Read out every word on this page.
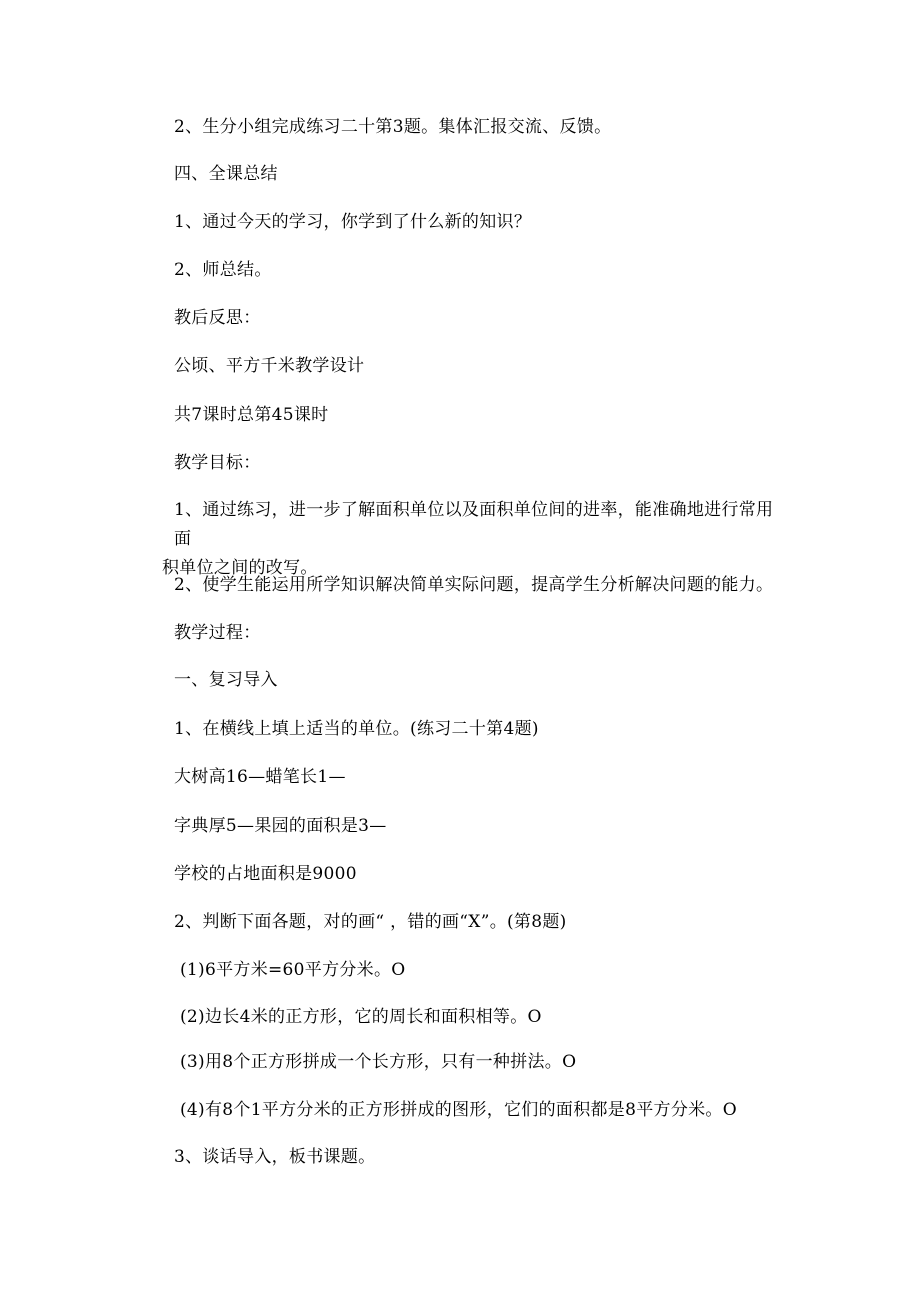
2、生分小组完成练习二十第3题。集体汇报交流、反馈。
四、全课总结
1、通过今天的学习，你学到了什么新的知识？
2、师总结。
教后反思：
公顷、平方千米教学设计
共7课时总第45课时
教学目标：
1、通过练习，进一步了解面积单位以及面积单位间的进率，能准确地进行常用面
积单位之间的改写。
2、使学生能运用所学知识解决简单实际问题，提高学生分析解决问题的能力。
教学过程：
一、复习导入
1、在横线上填上适当的单位。(练习二十第4题)
大树高16—蜡笔长1—
字典厚5—果园的面积是3—
学校的占地面积是9000
2、判断下面各题，对的画“ ，错的画“X”。(第8题)
(1)6平方米=60平方分米。O
(2)边长4米的正方形，它的周长和面积相等。O
(3)用8个正方形拼成一个长方形，只有一种拼法。O
(4)有8个1平方分米的正方形拼成的图形，它们的面积都是8平方分米。O
3、谈话导入，板书课题。
